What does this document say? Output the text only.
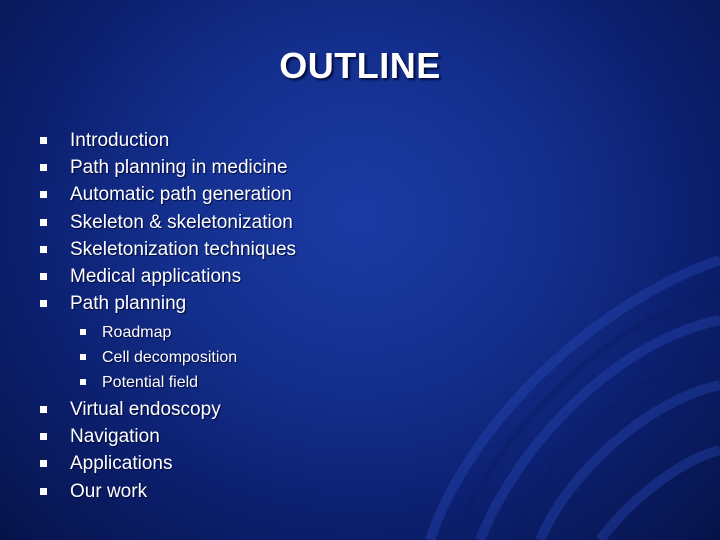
OUTLINE
Introduction
Path planning in medicine
Automatic path generation
Skeleton & skeletonization
Skeletonization techniques
Medical applications
Path planning
Roadmap
Cell decomposition
Potential field
Virtual endoscopy
Navigation
Applications
Our work
